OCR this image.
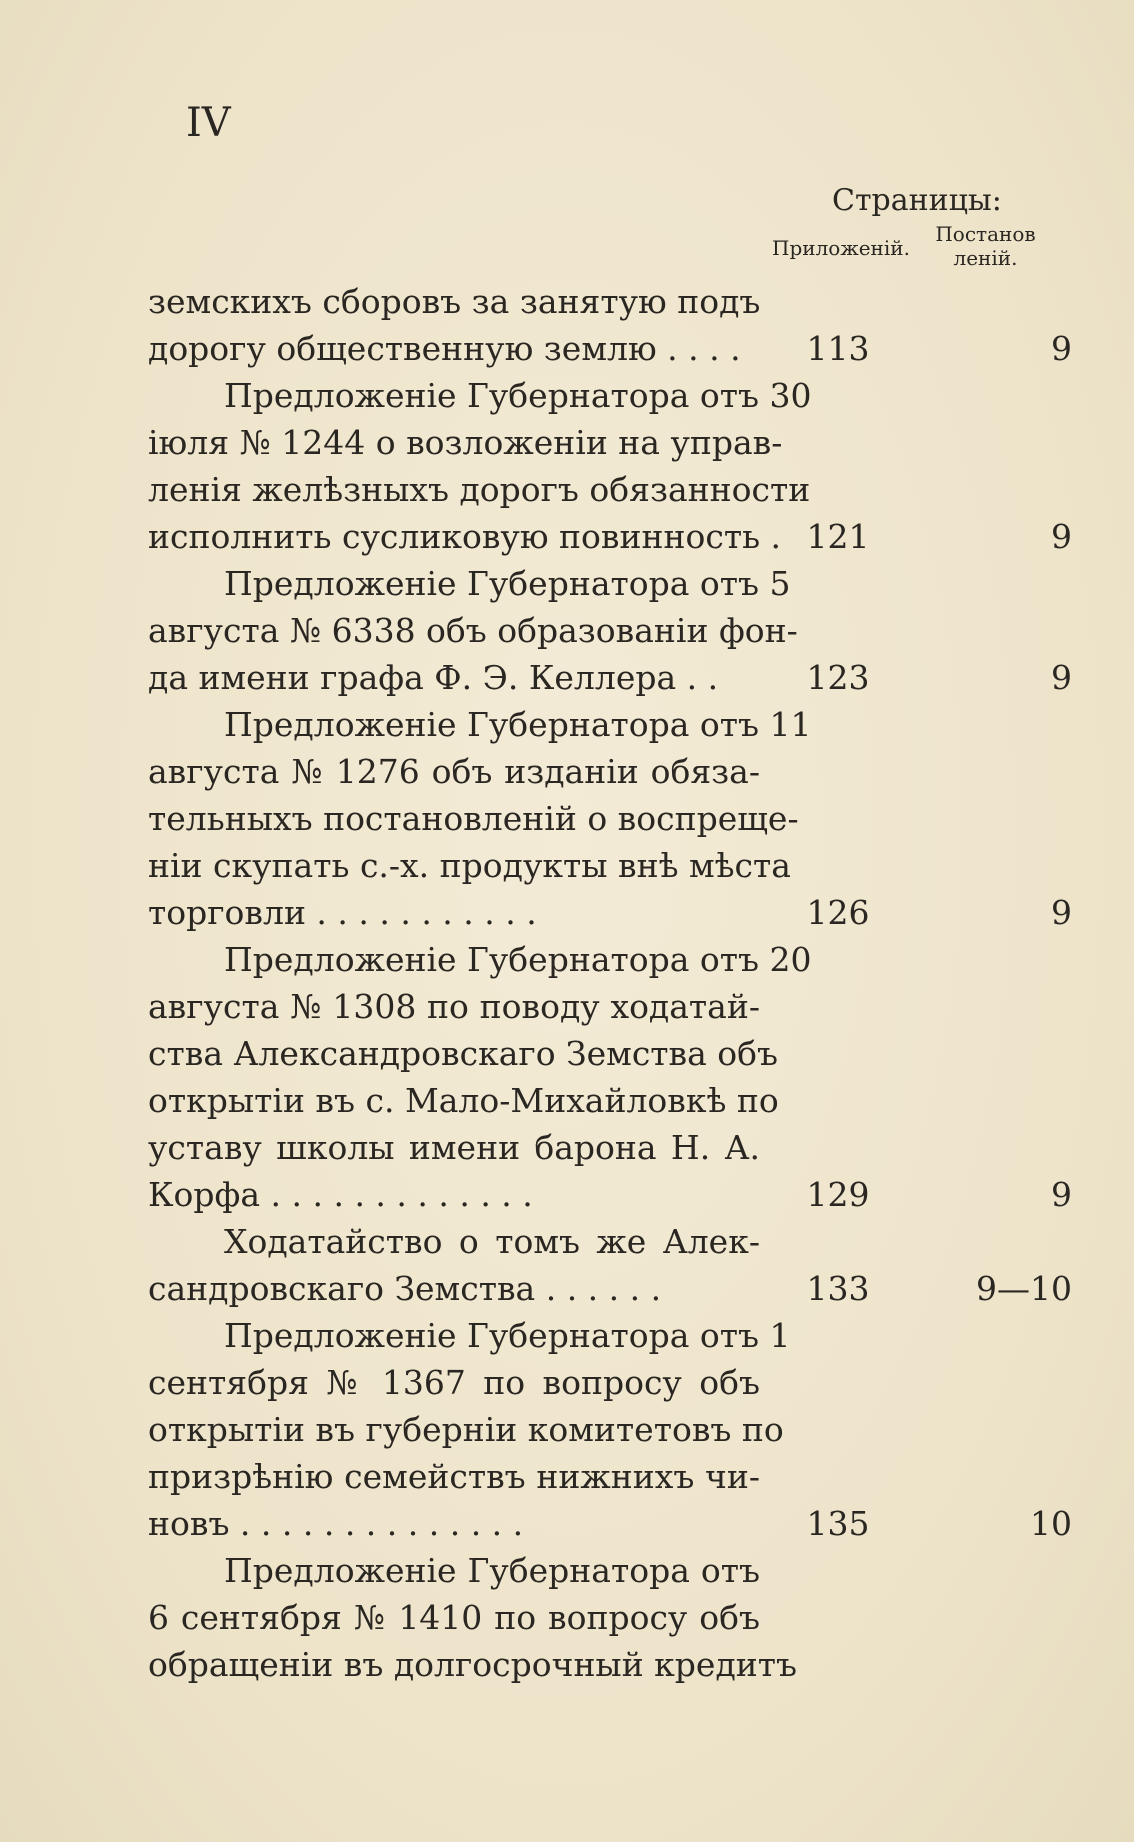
IV
Страницы:
Приложеній.
Постанов
леній.
земскихъ сборовъ за занятую подъ
дорогу общественную землю . . . .	113	9
Предложеніе Губернатора отъ 30
іюля № 1244 о возложеніи на управ-
ленія желѣзныхъ дорогъ обязанности
исполнить сусликовую повинность . 121	9
Предложеніе Губернатора отъ 5
августа № 6338 объ образованіи фон-
да имени графа Ф. Э. Келлера . .	123	9
Предложеніе Губернатора отъ 11
августа № 1276 объ изданіи обяза-
тельныхъ постановленій о воспреще-
ніи скупать с.-х. продукты внѣ мѣста
торговли . . . . . . . . . . .	126	9
Предложеніе Губернатора отъ 20
августа № 1308 по поводу ходатай-
ства Александровскаго Земства объ
открытіи въ с. Мало-Михайловкѣ по
уставу школы имени барона Н. А.
Корфа . . . . . . . . . . . . .	129	9
Ходатайство о томъ же Алек-
сандровскаго Земства . . . . . .	133	9—10
Предложеніе Губернатора отъ 1
сентября № 1367 по вопросу объ
открытіи въ губерніи комитетовъ по
призрѣнію семействъ нижнихъ чи-
новъ . . . . . . . . . . . . . .	135	10
Предложеніе Губернатора отъ
6 сентября № 1410 по вопросу объ
обращеніи въ долгосрочный кредитъ
